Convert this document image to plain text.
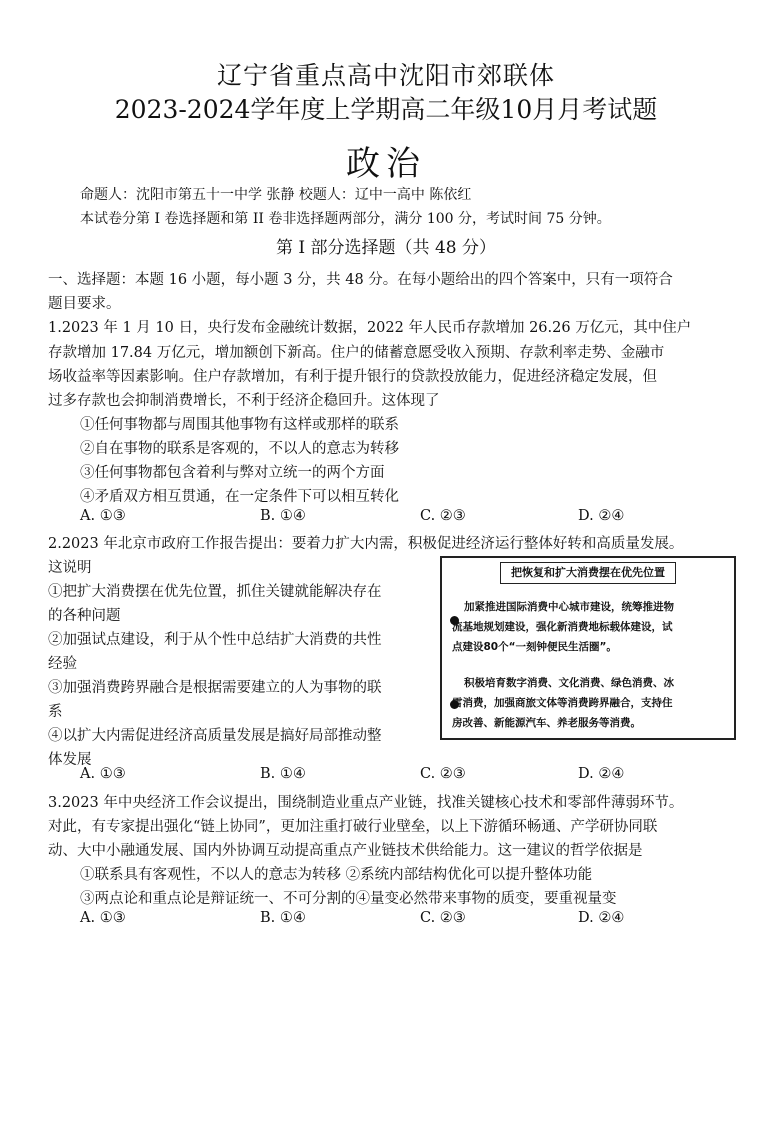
辽宁省重点高中沈阳市郊联体
2023-2024学年度上学期高二年级10月月考试题
政治
命题人：沈阳市第五十一中学 张静 校题人：辽中一高中 陈依红
本试卷分第 I 卷选择题和第 II 卷非选择题两部分，满分 100 分，考试时间 75 分钟。
第 I 部分选择题（共 48 分）
一、选择题：本题 16 小题，每小题 3 分，共 48 分。在每小题给出的四个答案中，只有一项符合
题目要求。
1.2023 年 1 月 10 日，央行发布金融统计数据，2022 年人民币存款增加 26.26 万亿元，其中住户
存款增加 17.84 万亿元，增加额创下新高。住户的储蓄意愿受收入预期、存款利率走势、金融市
场收益率等因素影响。住户存款增加，有利于提升银行的贷款投放能力，促进经济稳定发展，但
过多存款也会抑制消费增长，不利于经济企稳回升。这体现了
①任何事物都与周围其他事物有这样或那样的联系
②自在事物的联系是客观的，不以人的意志为转移
③任何事物都包含着利与弊对立统一的两个方面
④矛盾双方相互贯通，在一定条件下可以相互转化
A. ①③	B. ①④	C. ②③	D. ②④
2.2023 年北京市政府工作报告提出：要着力扩大内需，积极促进经济运行整体好转和高质量发展。
这说明
①把扩大消费摆在优先位置，抓住关键就能解决存在
的各种问题
②加强试点建设，利于从个性中总结扩大消费的共性
经验
③加强消费跨界融合是根据需要建立的人为事物的联
系
④以扩大内需促进经济高质量发展是搞好局部推动整
体发展
把恢复和扩大消费摆在优先位置
加紧推进国际消费中心城市建设，统筹推进物
流基地规划建设，强化新消费地标载体建设，试
点建设80个“一刻钟便民生活圈”。
积极培育数字消费、文化消费、绿色消费、冰
雪消费，加强商旅文体等消费跨界融合，支持住
房改善、新能源汽车、养老服务等消费。
A. ①③	B. ①④	C. ②③	D. ②④
3.2023 年中央经济工作会议提出，围绕制造业重点产业链，找准关键核心技术和零部件薄弱环节。
对此，有专家提出强化“链上协同”，更加注重打破行业壁垒，以上下游循环畅通、产学研协同联
动、大中小融通发展、国内外协调互动提高重点产业链技术供给能力。这一建议的哲学依据是
①联系具有客观性，不以人的意志为转移 ②系统内部结构优化可以提升整体功能
③两点论和重点论是辩证统一、不可分割的④量变必然带来事物的质变，要重视量变
A. ①③	B. ①④	C. ②③	D. ②④
